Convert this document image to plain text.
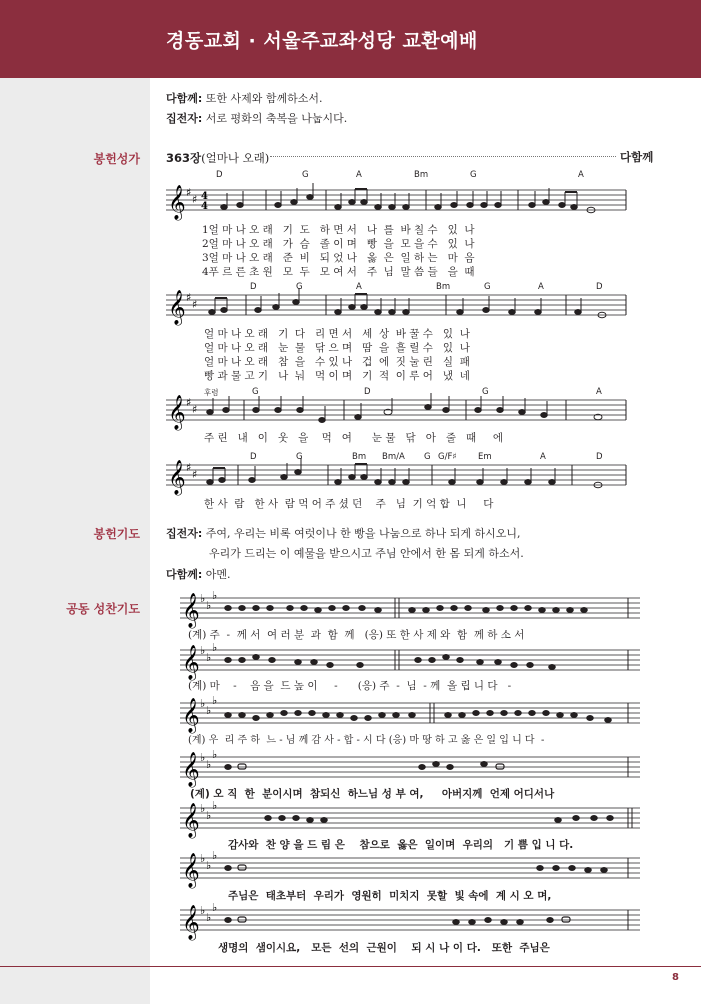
경동교회 · 서울주교좌성당 교환예배
다함께: 또한 사제와 함께하소서.
집전자: 서로 평화의 축복을 나눕시다.
봉헌성가
봉헌기도
공동 성찬기도
363장(얼마나 오래)	다함께
𝄞 ♯
♯ 4
4
𝄞 ♯
♯
𝄞 ♯
♯
𝄞 ♯
♯
𝄞 ♭
♭
♭
𝄞 ♭
♭
♭
𝄞 ♭
♭
♭
𝄞 ♭
♭
♭
𝄞 ♭
♭
♭
𝄞 ♭
♭
♭
𝄞 ♭
♭
♭
D	G	A	Bm	G	A
1얼 마 나 오 래   기  도   하 면 서   나  를  바 칠 수   있  나
2얼 마 나 오 래   가  슴   졸 이 며   빵  을  모 을 수   있  나
3얼 마 나 오 래   준  비   되 었 나   옳  은  일 하 는   마  음
4푸 르 른 초 원   모  두   모 여 서   주  님  말 씀 들   을  때
D	G	A	Bm	G	A	D
얼 마 나 오 래   기  다   리 면 서   세  상  바 꿀 수   있  나
얼 마 나 오 래   눈  물   닦 으 며   땀  을  흘 릴 수   있  나
얼 마 나 오 래   참  을   수 있 나   겁  에  짓 눌 린   실  패
빵 과 물 고 기   나  눠   먹 이 며   기  적  이 루 어   냈  네
후렴	G	D	G	A
주 린   내   이   웃   을    먹   여      눈 물   닦   아   줄   때     에
D	G	Bm Bm/A G G/F♯	Em	A	D
한 사  람   한 사  람 먹 어 주 셨 던    주   님  기 억 합  니     다
집전자: 주여, 우리는 비록 여럿이나 한 빵을 나눔으로 하나 되게 하시오니,
우리가 드리는 이 예물을 받으시고 주님 안에서 한 몸 되게 하소서.
다함께: 아멘.
(계) 주  -  께 서  여 러 분  과  함  께   (응) 또 한 사 제 와  함  께 하 소 서
(계) 마    -    음 을  드 높 이     -      (응) 주  -  님  - 께  올 립 니 다   -
(계) 우  리 주 하  느 - 님 께 감 사 - 합 - 시 다 (응) 마 땅 하 고 옳 은 일 입 니 다  -
(계) 오 직  한  분이시며  참되신  하느님 성 부 여,     아버지께  언제 어디서나
감사와  찬 양 을 드 림 은    참으로  옳은  일이며  우리의   기 쁨 입 니 다.
주님은  태초부터  우리가  영원히  미치지  못할  빛 속에  계 시 오 며,
생명의  샘이시요,   모든  선의  근원이    되 시 나 이 다.   또한  주님은
8
